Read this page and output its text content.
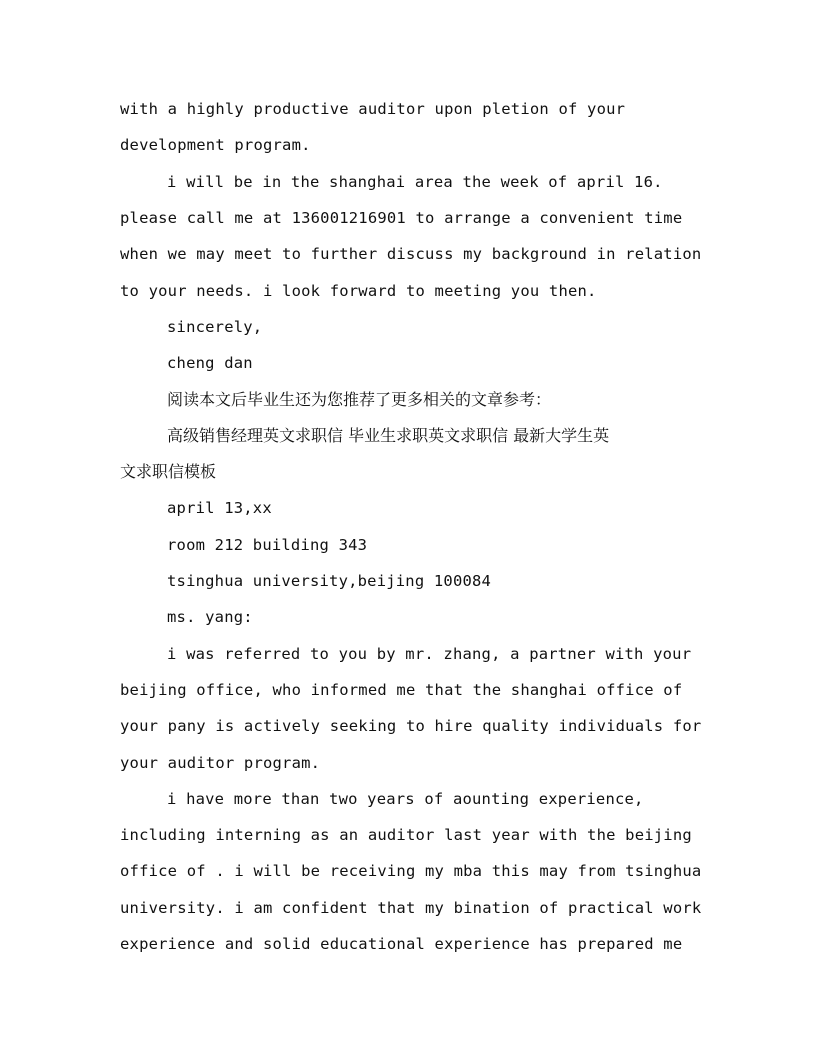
with a highly productive auditor upon pletion of your
development program.
i will be in the shanghai area the week of april 16.
please call me at 136001216901 to arrange a convenient time
when we may meet to further discuss my background in relation
to your needs. i look forward to meeting you then.
sincerely,
cheng dan
阅读本文后毕业生还为您推荐了更多相关的文章参考：
高级销售经理英文求职信 毕业生求职英文求职信 最新大学生英
文求职信模板
april 13,xx
room 212 building 343
tsinghua university,beijing 100084
ms. yang:
i was referred to you by mr. zhang, a partner with your
beijing office, who informed me that the shanghai office of
your pany is actively seeking to hire quality individuals for
your auditor program.
i have more than two years of aounting experience,
including interning as an auditor last year with the beijing
office of . i will be receiving my mba this may from tsinghua
university. i am confident that my bination of practical work
experience and solid educational experience has prepared me
